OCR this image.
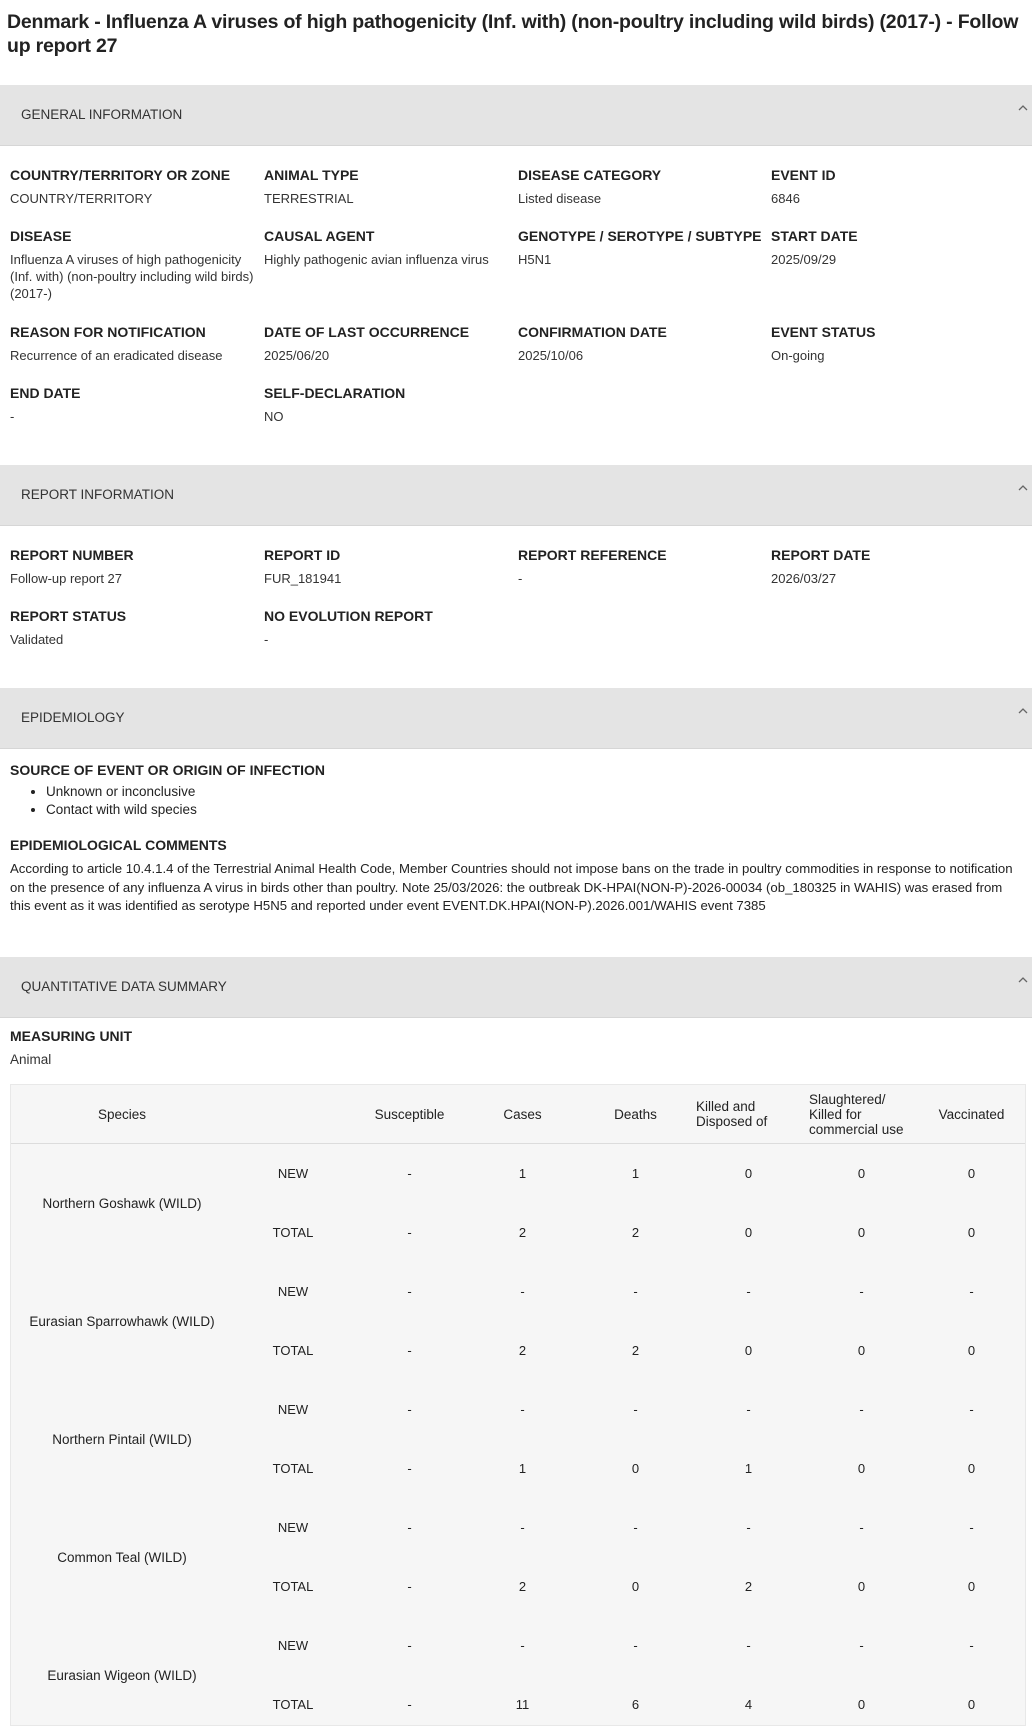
Denmark - Influenza A viruses of high pathogenicity (Inf. with) (non-poultry including wild birds) (2017-) - Follow up report 27
GENERAL INFORMATION
COUNTRY/TERRITORY OR ZONE
COUNTRY/TERRITORY
ANIMAL TYPE
TERRESTRIAL
DISEASE CATEGORY
Listed disease
EVENT ID
6846
DISEASE
Influenza A viruses of high pathogenicity (Inf. with) (non-poultry including wild birds) (2017-)
CAUSAL AGENT
Highly pathogenic avian influenza virus
GENOTYPE / SEROTYPE / SUBTYPE
H5N1
START DATE
2025/09/29
REASON FOR NOTIFICATION
Recurrence of an eradicated disease
DATE OF LAST OCCURRENCE
2025/06/20
CONFIRMATION DATE
2025/10/06
EVENT STATUS
On-going
END DATE
-
SELF-DECLARATION
NO
REPORT INFORMATION
REPORT NUMBER
Follow-up report 27
REPORT ID
FUR_181941
REPORT REFERENCE
-
REPORT DATE
2026/03/27
REPORT STATUS
Validated
NO EVOLUTION REPORT
-
EPIDEMIOLOGY
SOURCE OF EVENT OR ORIGIN OF INFECTION
• Unknown or inconclusive
• Contact with wild species
EPIDEMIOLOGICAL COMMENTS
According to article 10.4.1.4 of the Terrestrial Animal Health Code, Member Countries should not impose bans on the trade in poultry commodities in response to notification on the presence of any influenza A virus in birds other than poultry. Note 25/03/2026: the outbreak DK-HPAI(NON-P)-2026-00034 (ob_180325 in WAHIS) was erased from this event as it was identified as serotype H5N5 and reported under event EVENT.DK.HPAI(NON-P).2026.001/WAHIS event 7385
QUANTITATIVE DATA SUMMARY
MEASURING UNIT
Animal
Species		Susceptible	Cases	Deaths	Killed and Disposed of	Slaughtered/ Killed for commercial use	Vaccinated
Northern Goshawk (WILD)	NEW	-	1	1	0	0	0
	TOTAL	-	2	2	0	0	0
Eurasian Sparrowhawk (WILD)	NEW	-	-	-	-	-	-
	TOTAL	-	2	2	0	0	0
Northern Pintail (WILD)	NEW	-	-	-	-	-	-
	TOTAL	-	1	0	1	0	0
Common Teal (WILD)	NEW	-	-	-	-	-	-
	TOTAL	-	2	0	2	0	0
Eurasian Wigeon (WILD)	NEW	-	-	-	-	-	-
	TOTAL	-	11	6	4	0	0
